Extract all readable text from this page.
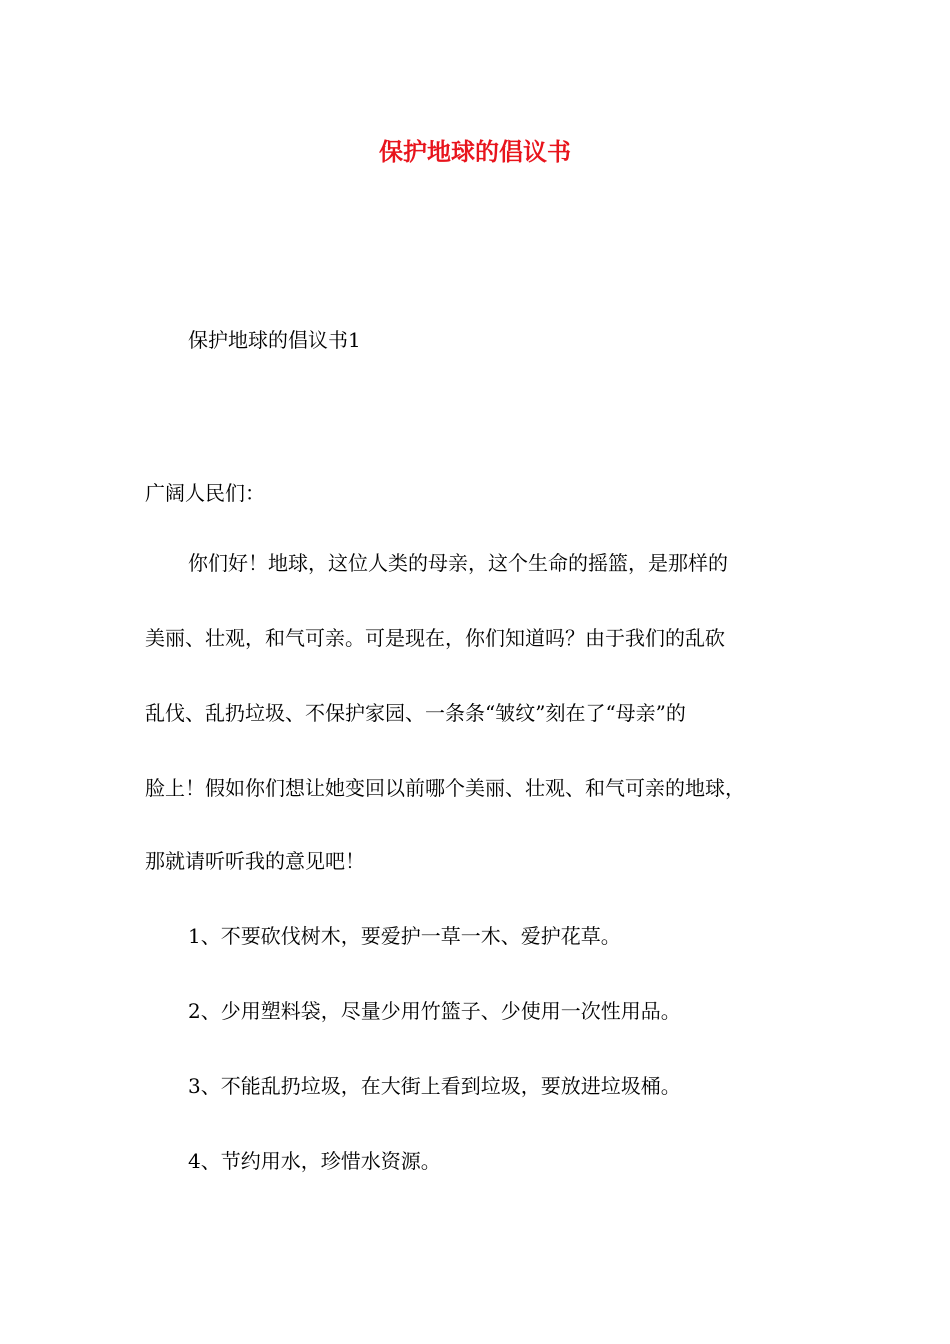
保护地球的倡议书
保护地球的倡议书1
广阔人民们：
你们好！地球，这位人类的母亲，这个生命的摇篮，是那样的
美丽、壮观，和气可亲。可是现在，你们知道吗？由于我们的乱砍
乱伐、乱扔垃圾、不保护家园、一条条“皱纹”刻在了“母亲”的
脸上！假如你们想让她变回以前哪个美丽、壮观、和气可亲的地球，
那就请听听我的意见吧！
1、不要砍伐树木，要爱护一草一木、爱护花草。
2、少用塑料袋，尽量少用竹篮子、少使用一次性用品。
3、不能乱扔垃圾，在大街上看到垃圾，要放进垃圾桶。
4、节约用水，珍惜水资源。
